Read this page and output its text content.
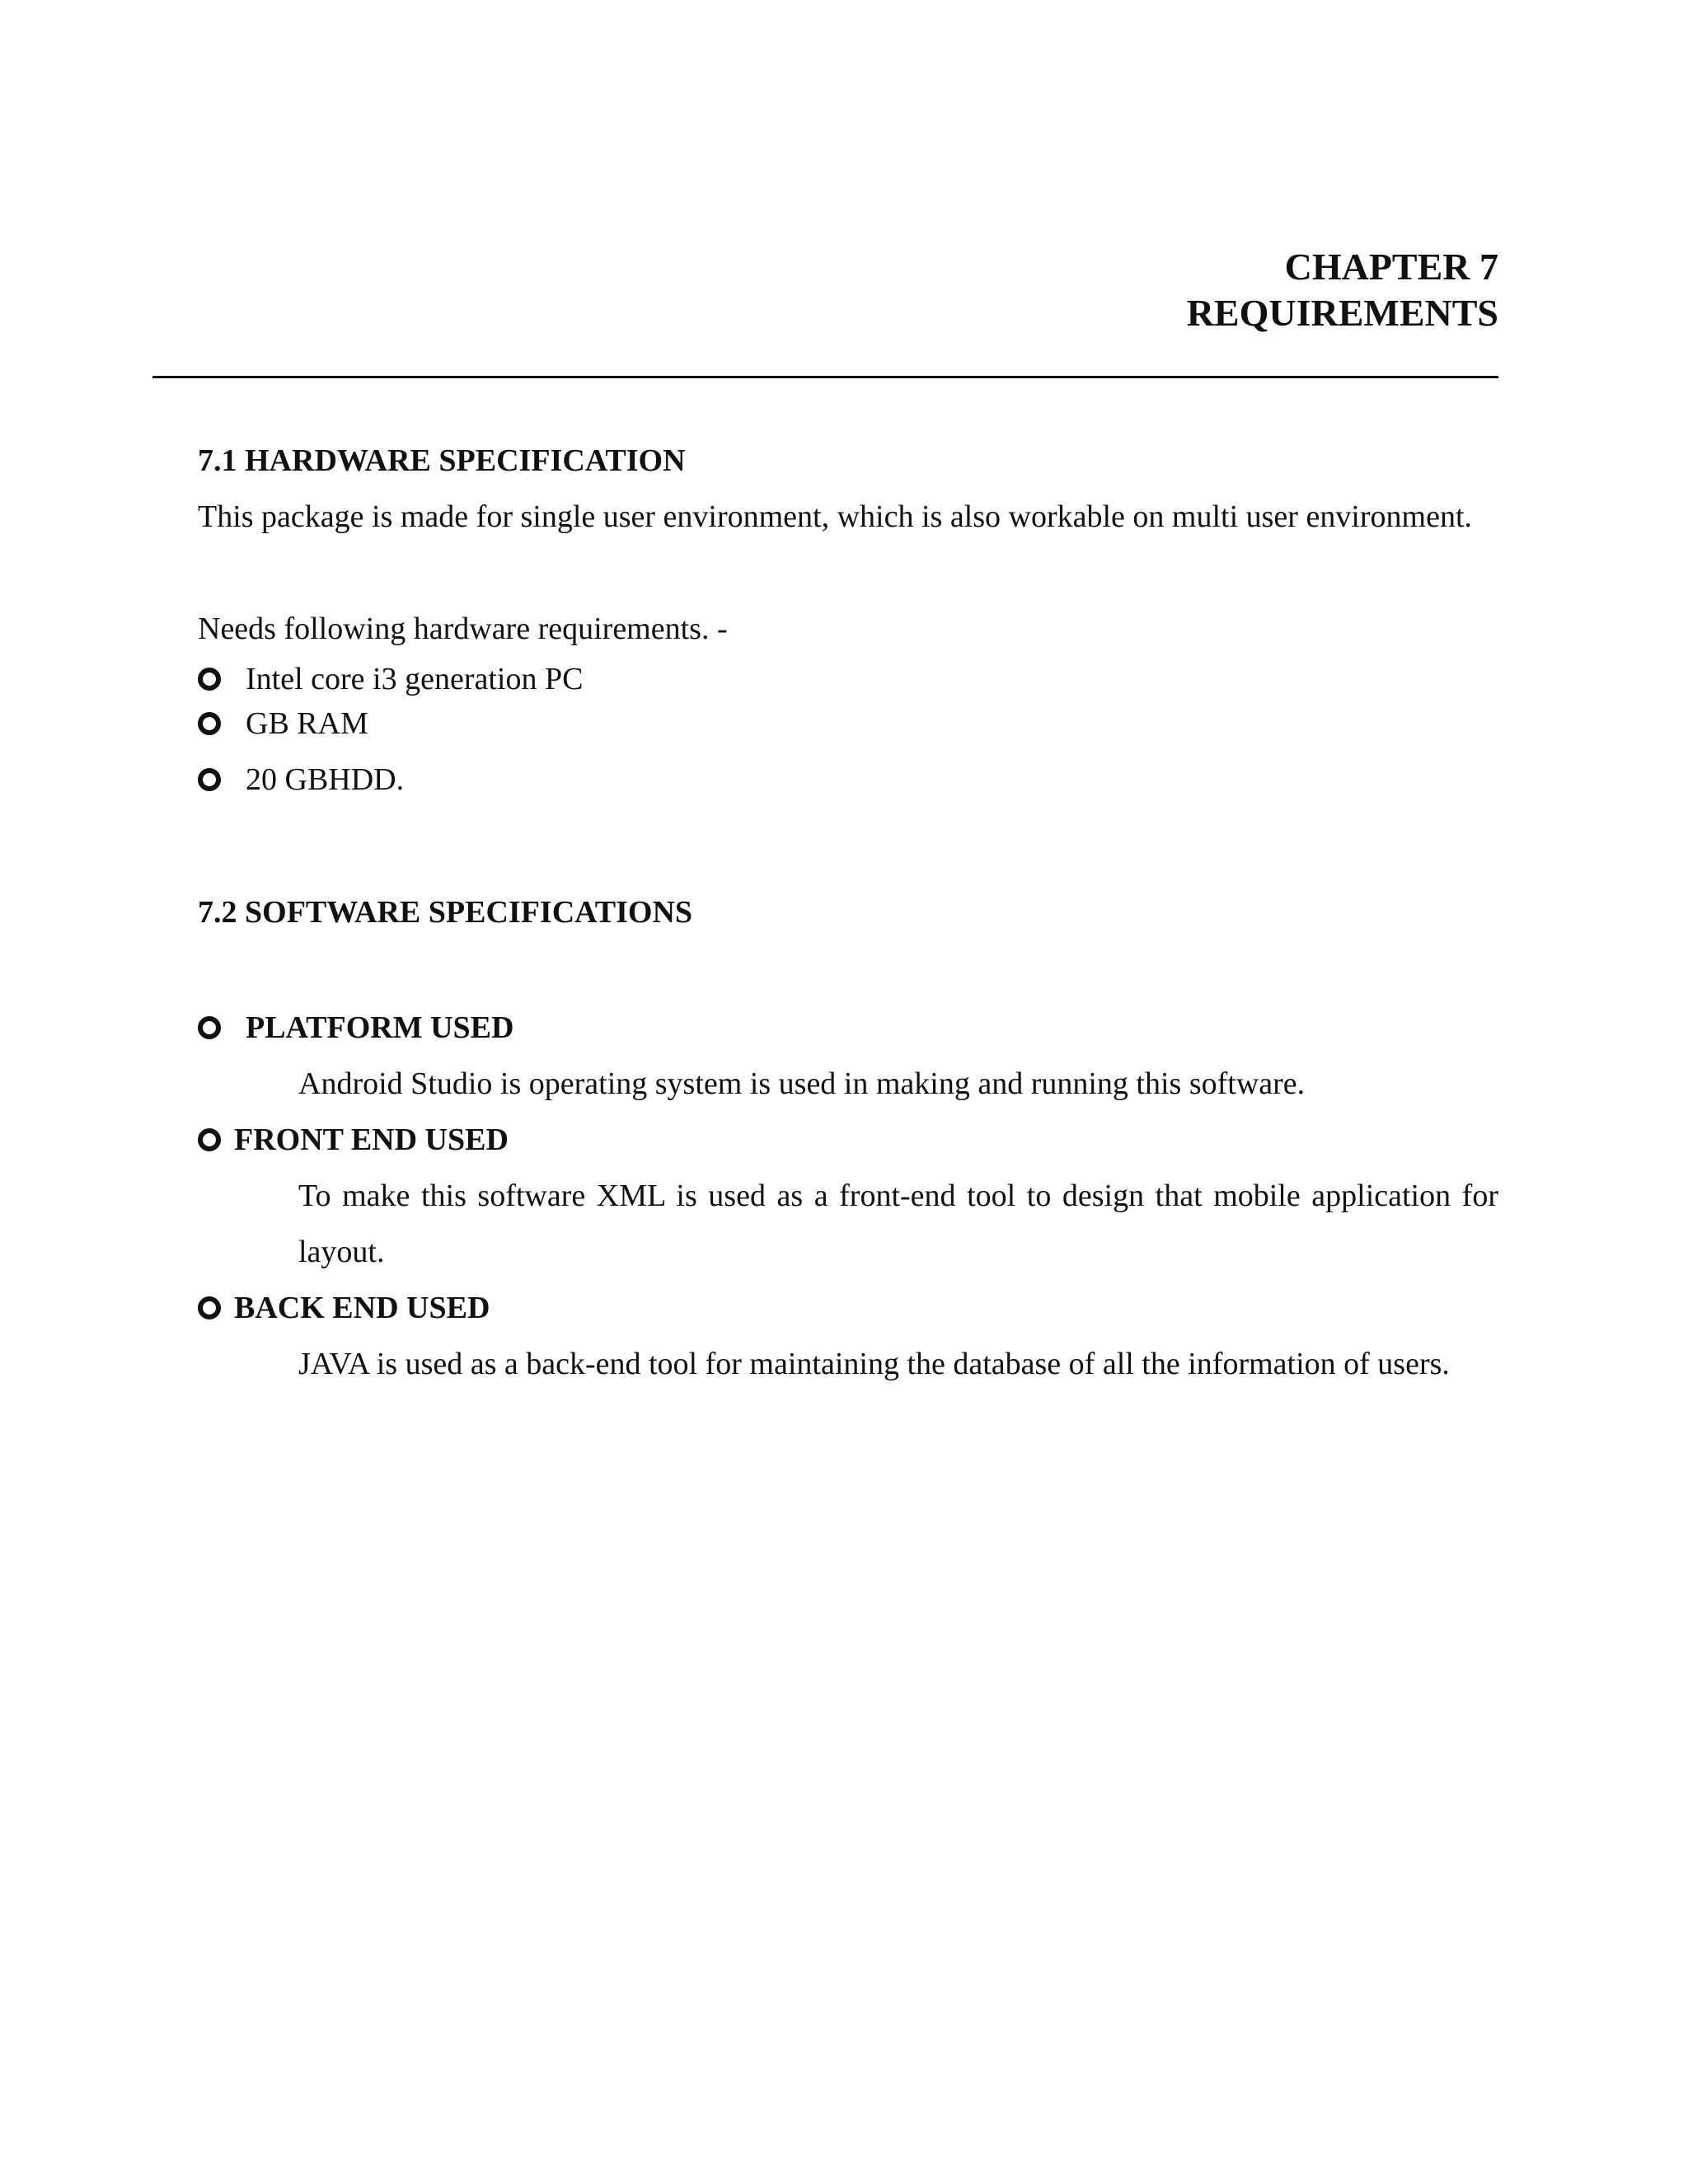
CHAPTER 7
REQUIREMENTS
7.1 HARDWARE SPECIFICATION

This package is made for single user environment, which is also workable on multi user environment.

Needs following hardware requirements. -

Intel core i3 generation PC
GB RAM
20 GBHDD.
7.2 SOFTWARE SPECIFICATIONS
PLATFORM USED

Android Studio is operating system is used in making and running this software.

FRONT END USED

To make this software XML is used as a front-end tool to design that mobile application for layout.

BACK END USED

JAVA is used as a back-end tool for maintaining the database of all the information of users.
